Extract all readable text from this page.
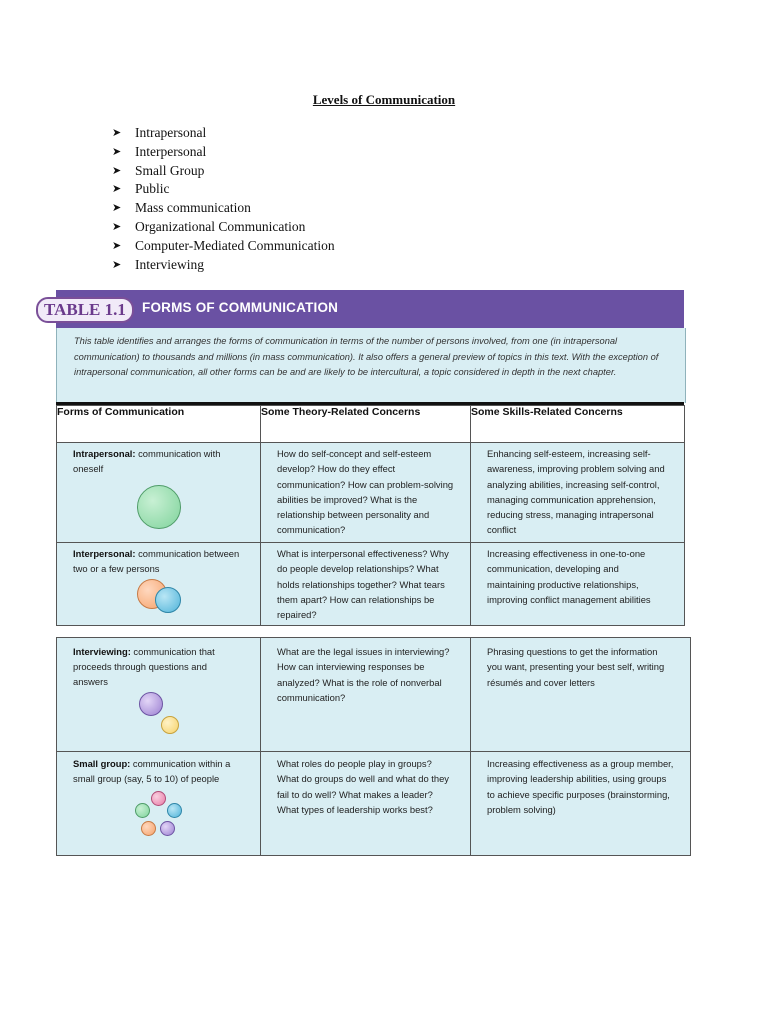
Levels of Communication
➤	Intrapersonal
➤	Interpersonal
➤	Small Group
➤	Public
➤	Mass communication
➤	Organizational Communication
➤	Computer-Mediated Communication
➤	Interviewing
TABLE 1.1	FORMS OF COMMUNICATION

This table identifies and arranges the forms of communication in terms of the number of persons involved, from one (in intrapersonal communication) to thousands and millions (in mass communication). It also offers a general preview of topics in this text. With the exception of intrapersonal communication, all other forms can be and are likely to be intercultural, a topic considered in depth in the next chapter.

Forms of Communication	Some Theory-Related Concerns	Some Skills-Related Concerns

Intrapersonal: communication with oneself	How do self-concept and self-esteem develop? How do they effect communication? How can problem-solving abilities be improved? What is the relationship between personality and communication?	Enhancing self-esteem, increasing self-awareness, improving problem solving and analyzing abilities, increasing self-control, managing communication apprehension, reducing stress, managing intrapersonal conflict

Interpersonal: communication between two or a few persons	What is interpersonal effectiveness? Why do people develop relationships? What holds relationships together? What tears them apart? How can relationships be repaired?	Increasing effectiveness in one-to-one communication, developing and maintaining productive relationships, improving conflict management abilities
Interviewing: communication that proceeds through questions and answers	What are the legal issues in interviewing? How can interviewing responses be analyzed? What is the role of nonverbal communication?	Phrasing questions to get the information you want, presenting your best self, writing résumés and cover letters

Small group: communication within a small group (say, 5 to 10) of people	What roles do people play in groups? What do groups do well and what do they fail to do well? What makes a leader? What types of leadership works best?	Increasing effectiveness as a group member, improving leadership abilities, using groups to achieve specific purposes (brainstorming, problem solving)
